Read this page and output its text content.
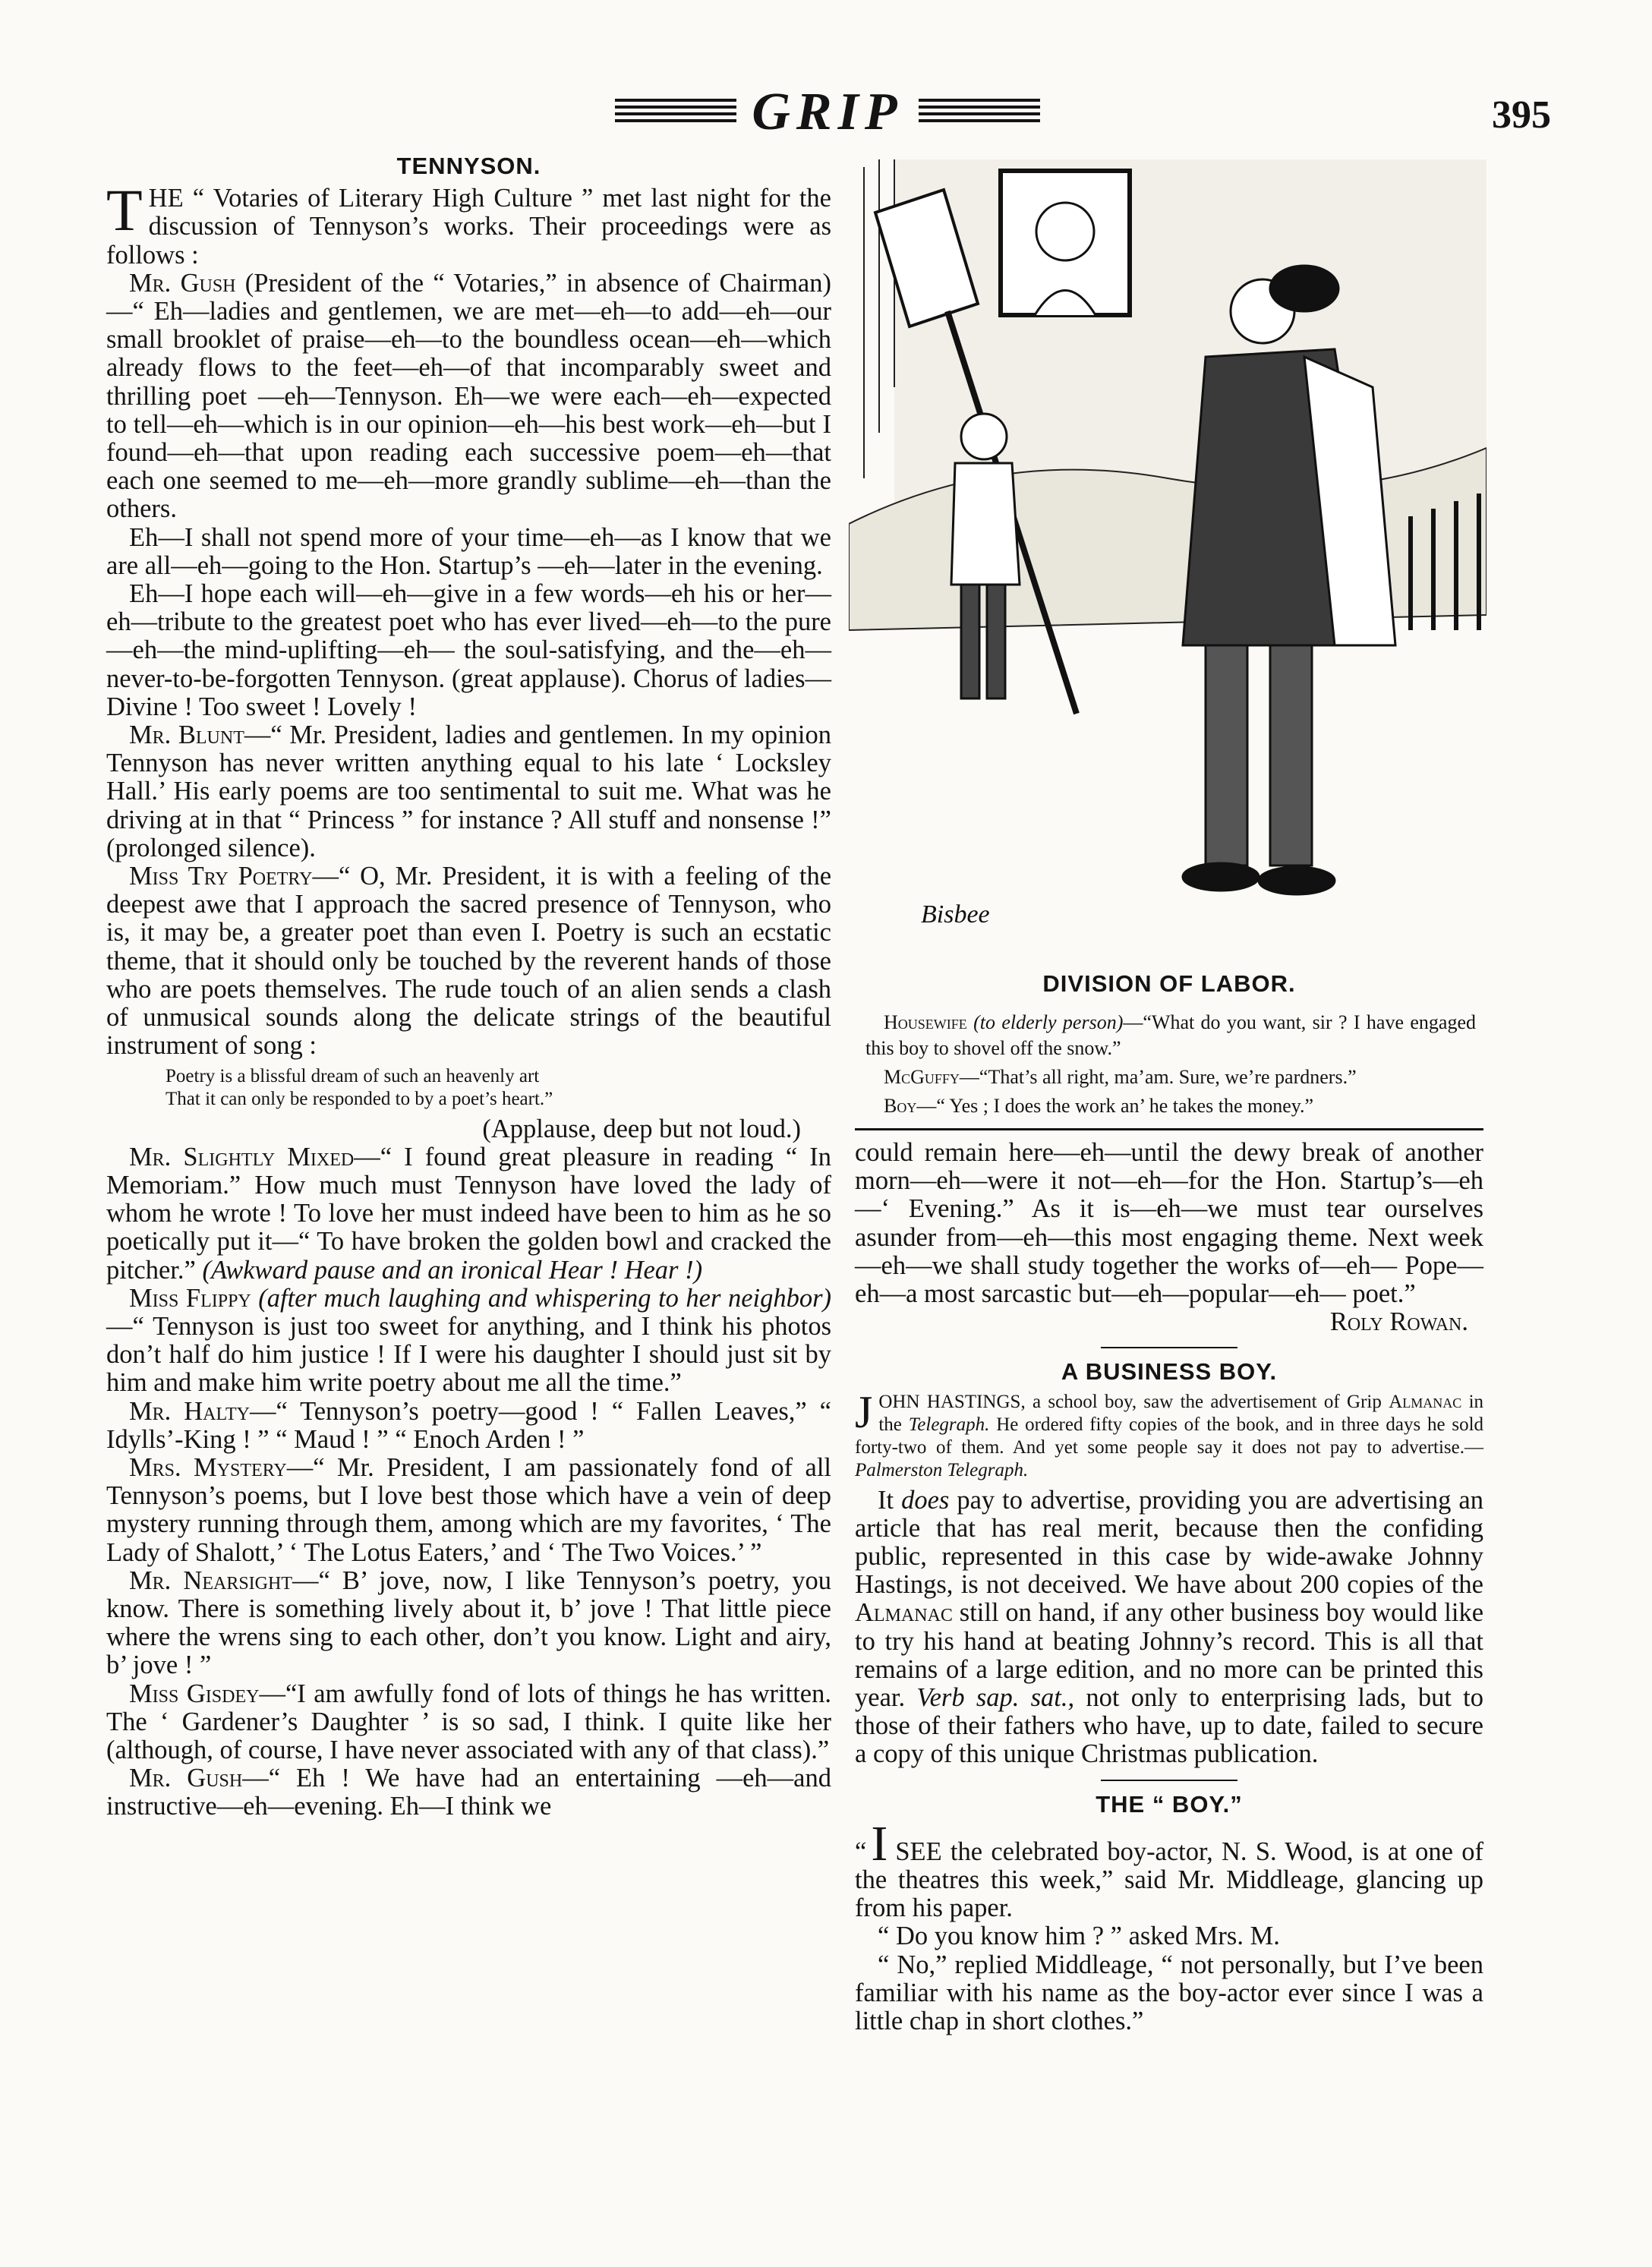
GRIP	395
TENNYSON.

THE “ Votaries of Literary High Culture ” met last night for the discussion of Tennyson’s works. Their proceedings were as follows :

Mr. Gush (President of the “ Votaries,” in absence of Chairman)—“ Eh—ladies and gentlemen, we are met—eh—to add—eh—our small brooklet of praise—eh—to the boundless ocean—eh—which already flows to the feet—eh—of that incomparably sweet and thrilling poet —eh—Tennyson. Eh—we were each—eh—expected to tell—eh—which is in our opinion—eh—his best work—eh—but I found—eh—that upon reading each successive poem—eh—that each one seemed to me—eh—more grandly sublime—eh—than the others.

Eh—I shall not spend more of your time—eh—as I know that we are all—eh—going to the Hon. Startup’s —eh—later in the evening.

Eh—I hope each will—eh—give in a few words—eh his or her—eh—tribute to the greatest poet who has ever lived—eh—to the pure—eh—the mind-uplifting—eh— the soul-satisfying, and the—eh—never-to-be-forgotten Tennyson. (great applause). Chorus of ladies—Divine ! Too sweet ! Lovely !

Mr. Blunt—“ Mr. President, ladies and gentlemen. In my opinion Tennyson has never written anything equal to his late ‘ Locksley Hall.’ His early poems are too sentimental to suit me. What was he driving at in that “ Princess ” for instance ? All stuff and nonsense !” (prolonged silence).

Miss Try Poetry—“ O, Mr. President, it is with a feeling of the deepest awe that I approach the sacred presence of Tennyson, who is, it may be, a greater poet than even I. Poetry is such an ecstatic theme, that it should only be touched by the reverent hands of those who are poets themselves. The rude touch of an alien sends a clash of unmusical sounds along the delicate strings of the beautiful instrument of song :

Poetry is a blissful dream of such an heavenly art
That it can only be responded to by a poet’s heart.”
(Applause, deep but not loud.)

Mr. Slightly Mixed—“ I found great pleasure in reading “ In Memoriam.” How much must Tennyson have loved the lady of whom he wrote ! To love her must indeed have been to him as he so poetically put it—“ To have broken the golden bowl and cracked the pitcher.” (Awkward pause and an ironical Hear ! Hear !)

Miss Flippy (after much laughing and whispering to her neighbor)—“ Tennyson is just too sweet for anything, and I think his photos don’t half do him justice ! If I were his daughter I should just sit by him and make him write poetry about me all the time.”

Mr. Halty—“ Tennyson’s poetry—good ! “ Fallen Leaves,” “ Idylls’-King ! ” “ Maud ! ” “ Enoch Arden ! ”

Mrs. Mystery—“ Mr. President, I am passionately fond of all Tennyson’s poems, but I love best those which have a vein of deep mystery running through them, among which are my favorites, ‘ The Lady of Shalott,’ ‘ The Lotus Eaters,’ and ‘ The Two Voices.’ ”

Mr. Nearsight—“ B’ jove, now, I like Tennyson’s poetry, you know. There is something lively about it, b’ jove ! That little piece where the wrens sing to each other, don’t you know. Light and airy, b’ jove ! ”

Miss Gisdey—“I am awfully fond of lots of things he has written. The ‘ Gardener’s Daughter ’ is so sad, I think. I quite like her (although, of course, I have never associated with any of that class).”

Mr. Gush—“ Eh ! We have had an entertaining —eh—and instructive—eh—evening. Eh—I think we

Bisbee
DIVISION OF LABOR.

Housewife (to elderly person)—“What do you want, sir ? I have engaged this boy to shovel off the snow.”

McGuffy—“That’s all right, ma’am. Sure, we’re pardners.”

Boy—“ Yes ; I does the work an’ he takes the money.”

could remain here—eh—until the dewy break of another morn—eh—were it not—eh—for the Hon. Startup’s—eh —‘ Evening.” As it is—eh—we must tear ourselves asunder from—eh—this most engaging theme. Next week—eh—we shall study together the works of—eh— Pope—eh—a most sarcastic but—eh—popular—eh— poet.”

Roly Rowan.
A BUSINESS BOY.

JOHN HASTINGS, a school boy, saw the advertisement of Grip Almanac in the Telegraph. He ordered fifty copies of the book, and in three days he sold forty-two of them. And yet some people say it does not pay to advertise.—Palmerston Telegraph.

It does pay to advertise, providing you are advertising an article that has real merit, because then the confiding public, represented in this case by wide-awake Johnny Hastings, is not deceived. We have about 200 copies of the Almanac still on hand, if any other business boy would like to try his hand at beating Johnny’s record. This is all that remains of a large edition, and no more can be printed this year. Verb sap. sat., not only to enterprising lads, but to those of their fathers who have, up to date, failed to secure a copy of this unique Christmas publication.

THE “ BOY.”

“I SEE the celebrated boy-actor, N. S. Wood, is at one of the theatres this week,” said Mr. Middleage, glancing up from his paper.

“ Do you know him ? ” asked Mrs. M.

“ No,” replied Middleage, “ not personally, but I’ve been familiar with his name as the boy-actor ever since I was a little chap in short clothes.”
